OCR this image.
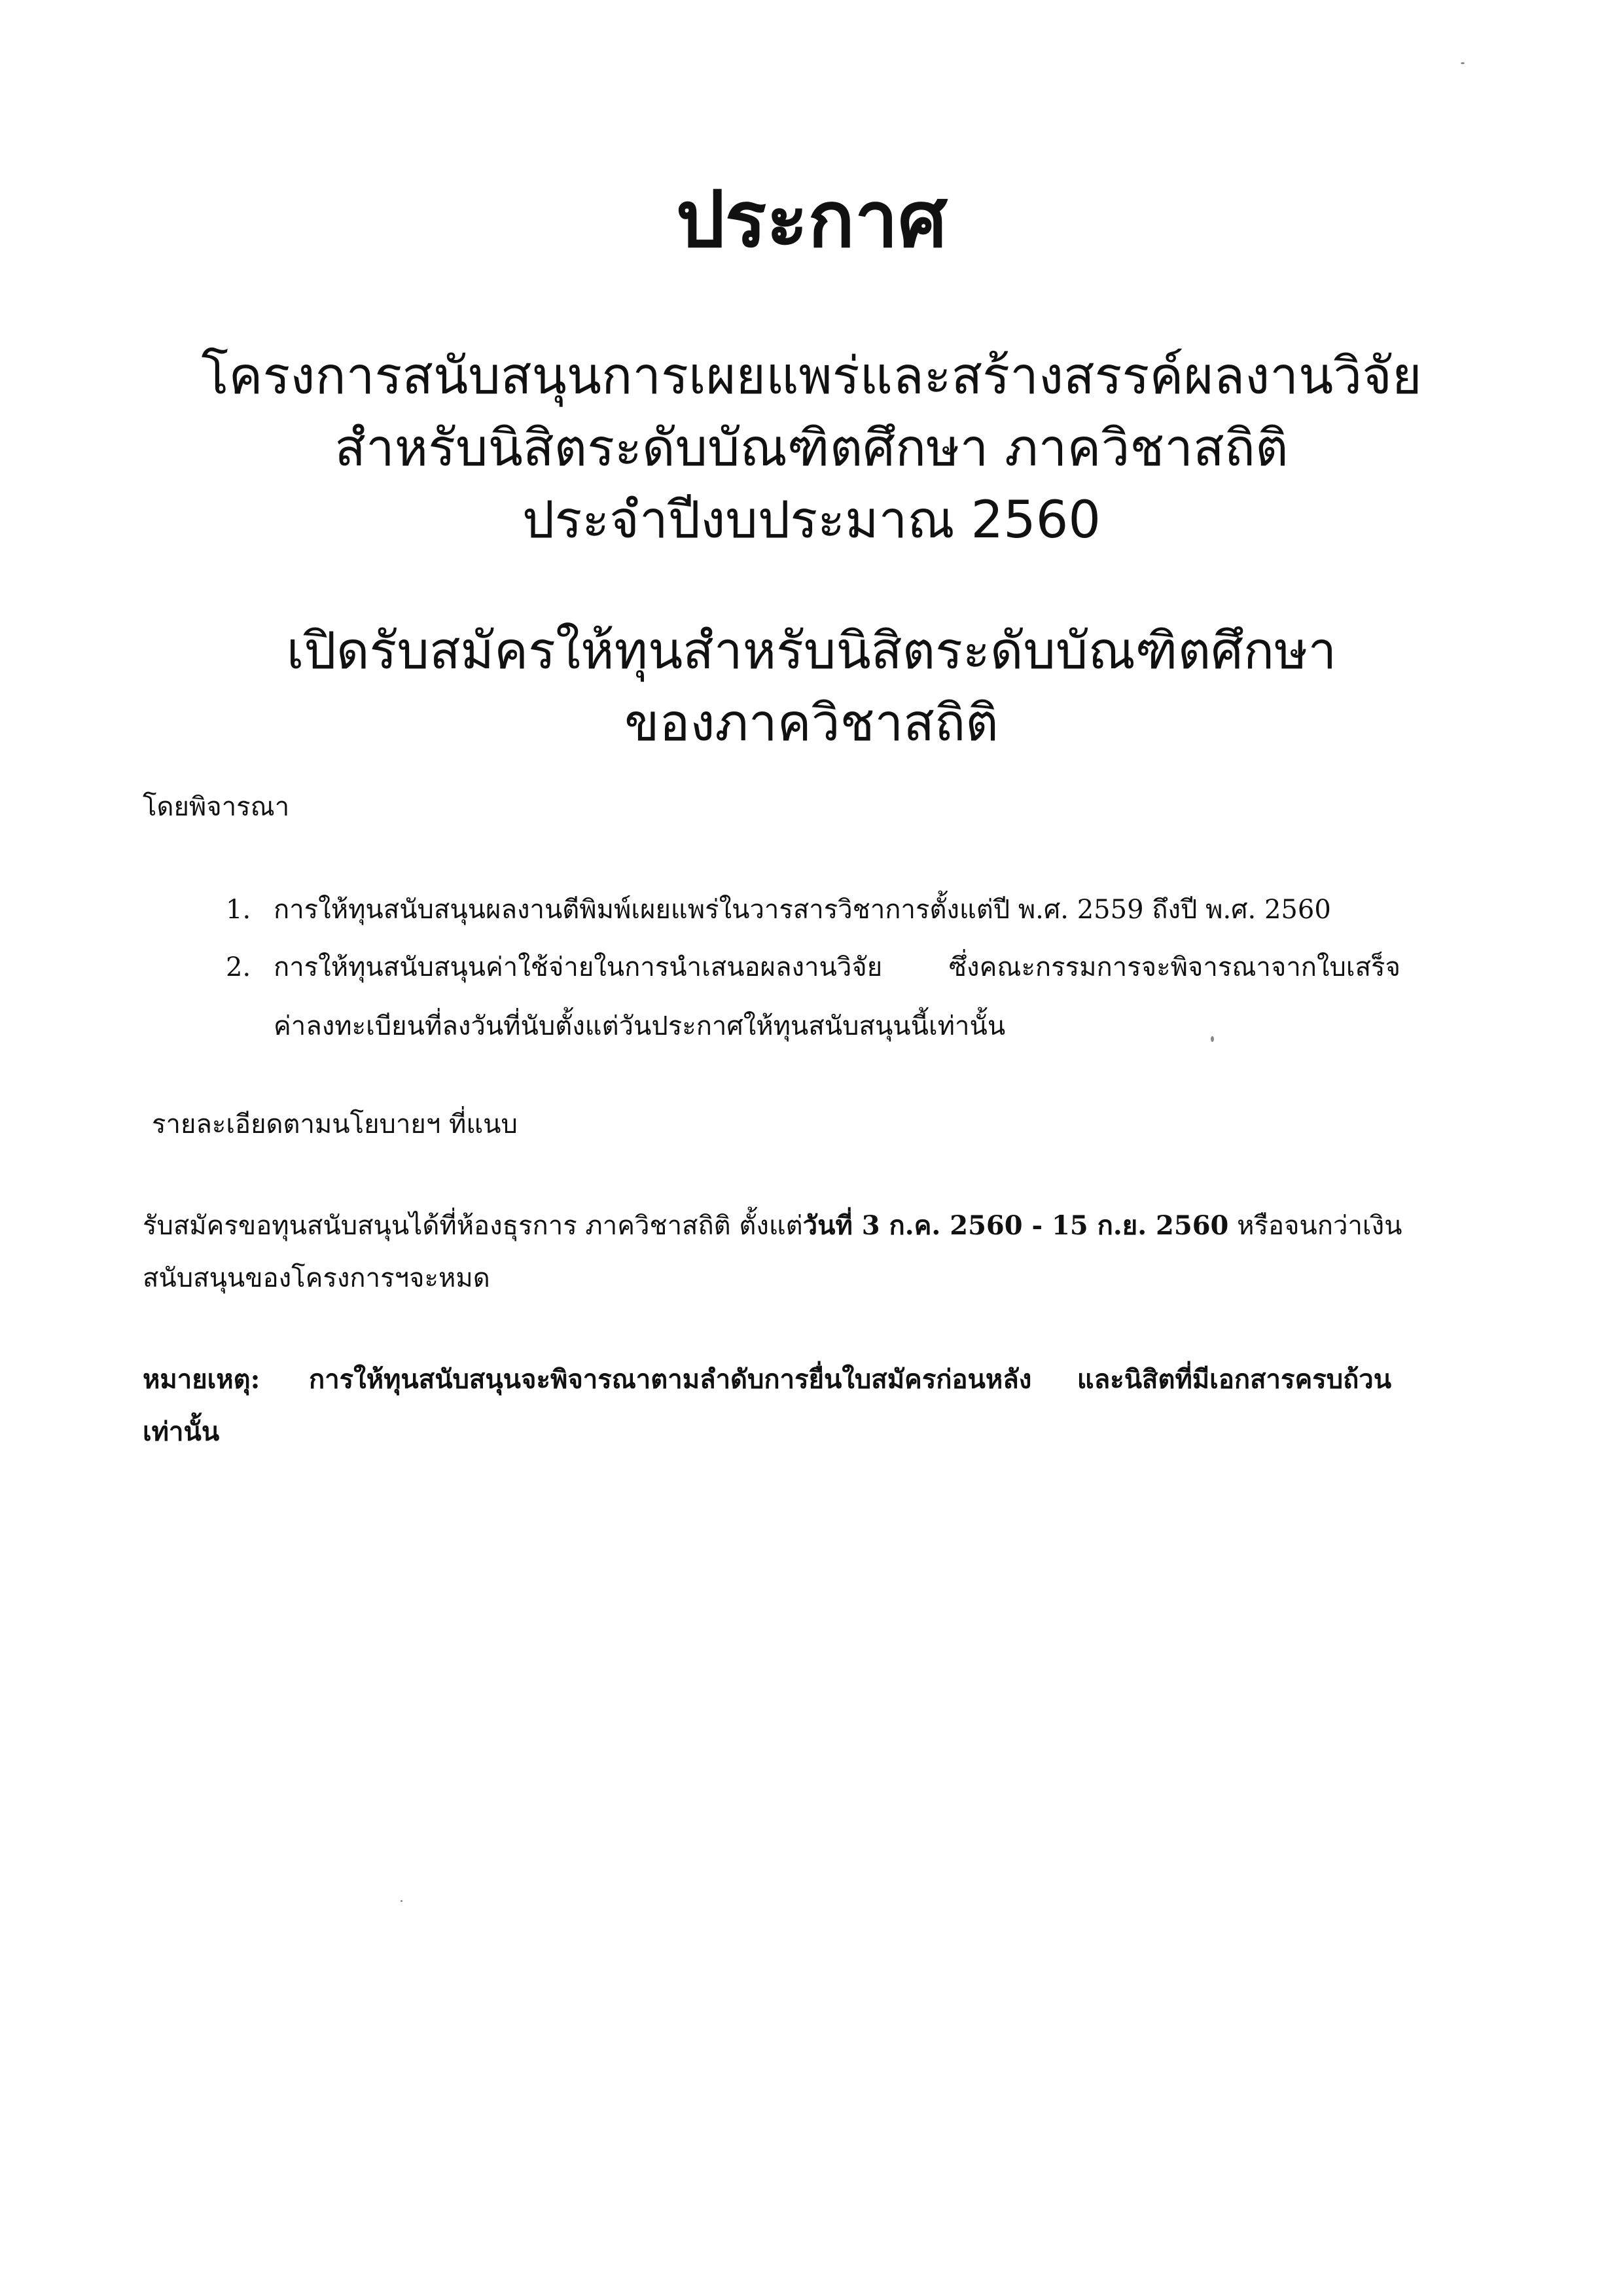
ประกาศ
โครงการสนับสนุนการเผยแพร่และสร้างสรรค์ผลงานวิจัย
สำหรับนิสิตระดับบัณฑิตศึกษา ภาควิชาสถิติ
ประจำปีงบประมาณ 2560
เปิดรับสมัครให้ทุนสำหรับนิสิตระดับบัณฑิตศึกษา
ของภาควิชาสถิติ
โดยพิจารณา
1. การให้ทุนสนับสนุนผลงานตีพิมพ์เผยแพร่ในวารสารวิชาการตั้งแต่ปี พ.ศ. 2559 ถึงปี พ.ศ. 2560
2. การให้ทุนสนับสนุนค่าใช้จ่ายในการนำเสนอผลงานวิจัย        ซึ่งคณะกรรมการจะพิจารณาจากใบเสร็จ
ค่าลงทะเบียนที่ลงวันที่นับตั้งแต่วันประกาศให้ทุนสนับสนุนนี้เท่านั้น
รายละเอียดตามนโยบายฯ ที่แนบ
รับสมัครขอทุนสนับสนุนได้ที่ห้องธุรการ ภาควิชาสถิติ ตั้งแต่วันที่ 3 ก.ค. 2560 - 15 ก.ย. 2560 หรือจนกว่าเงิน
สนับสนุนของโครงการฯจะหมด
หมายเหตุ: การให้ทุนสนับสนุนจะพิจารณาตามลำดับการยื่นใบสมัครก่อนหลัง     และนิสิตที่มีเอกสารครบถ้วน
เท่านั้น
